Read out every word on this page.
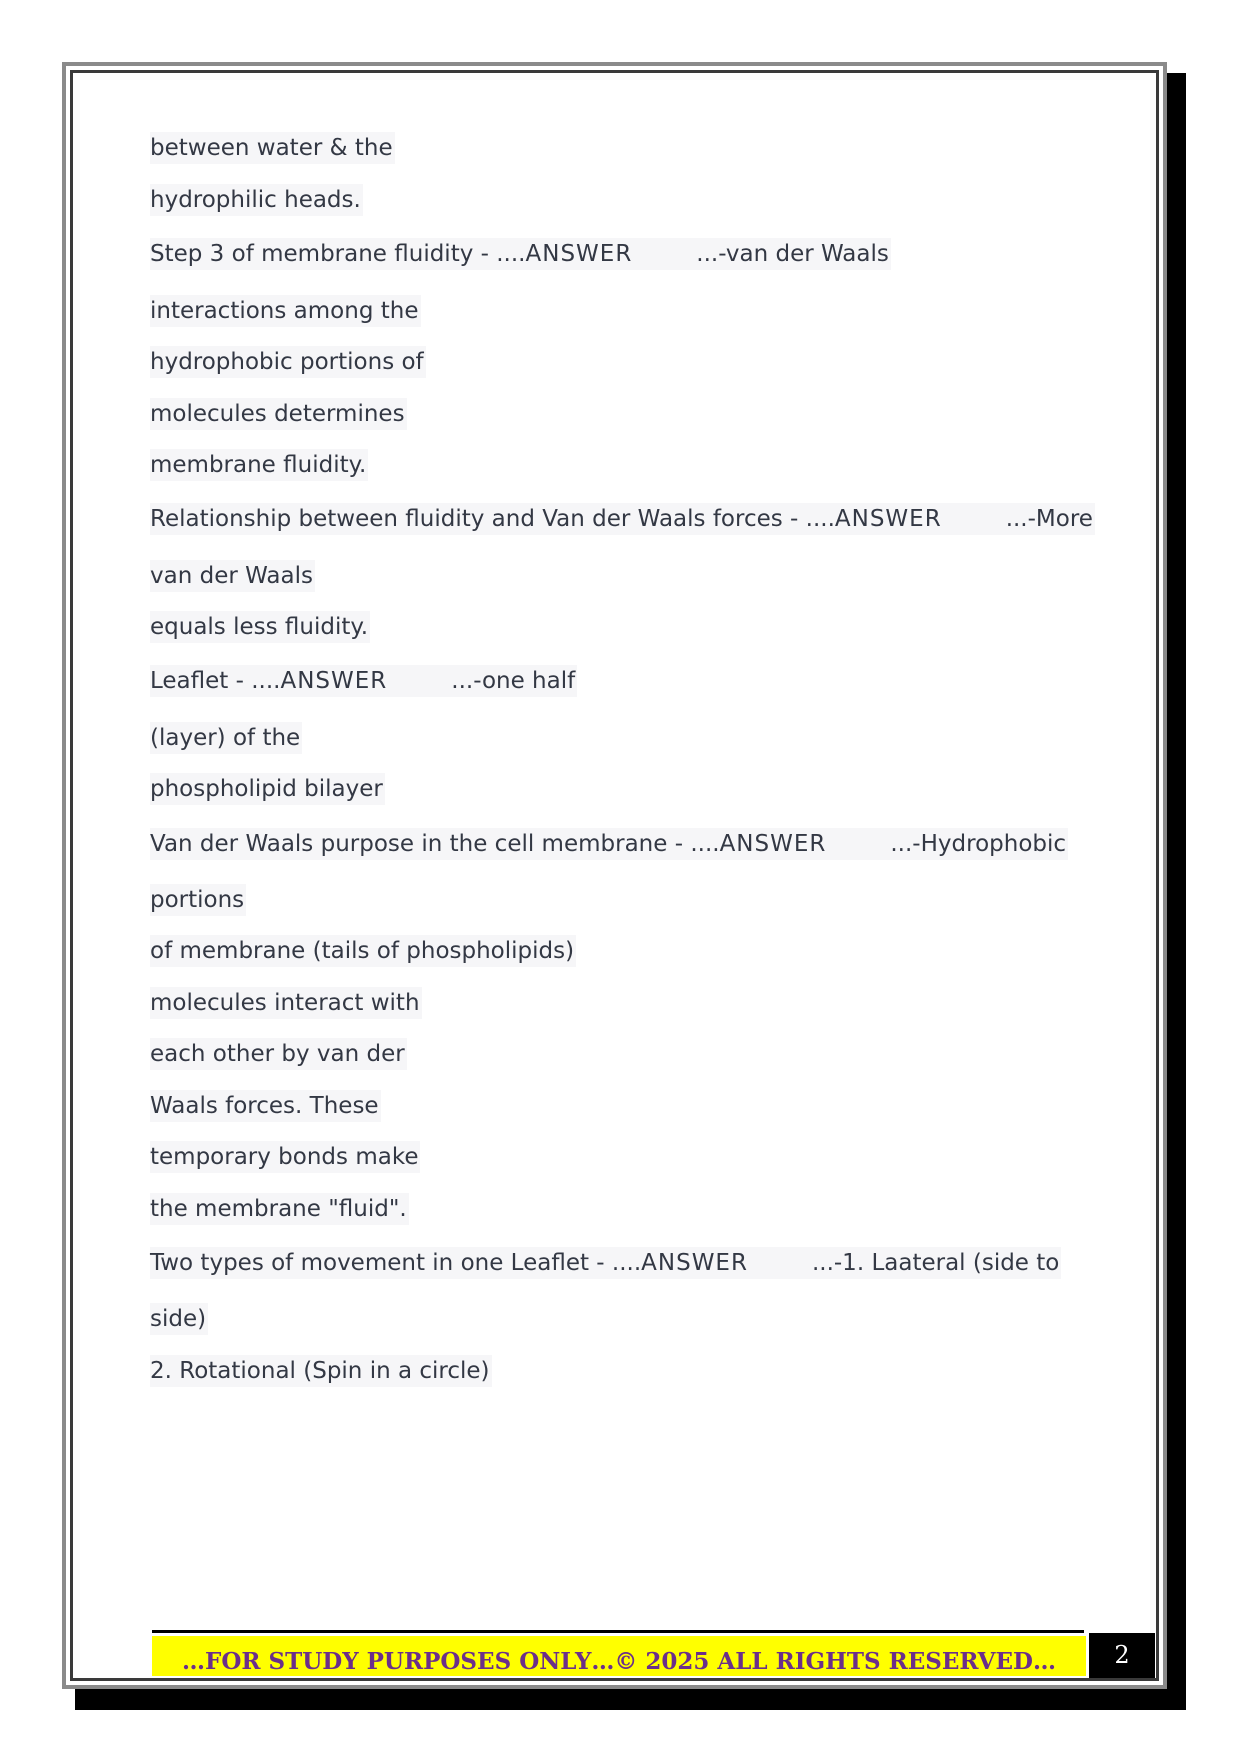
between water & the
hydrophilic heads.
Step 3 of membrane fluidity - ....ANSWER	...-van der Waals
interactions among the
hydrophobic portions of
molecules determines
membrane fluidity.
Relationship between fluidity and Van der Waals forces - ....ANSWER	...-More
van der Waals
equals less fluidity.
Leaflet - ....ANSWER	...-one half
(layer) of the
phospholipid bilayer
Van der Waals purpose in the cell membrane - ....ANSWER	...-Hydrophobic
portions
of membrane (tails of phospholipids)
molecules interact with
each other by van der
Waals forces. These
temporary bonds make
the membrane "fluid".
Two types of movement in one Leaflet - ....ANSWER	...-1. Laateral (side to
side)
2. Rotational (Spin in a circle)
…FOR STUDY PURPOSES ONLY…© 2025 ALL RIGHTS RESERVED…	2
